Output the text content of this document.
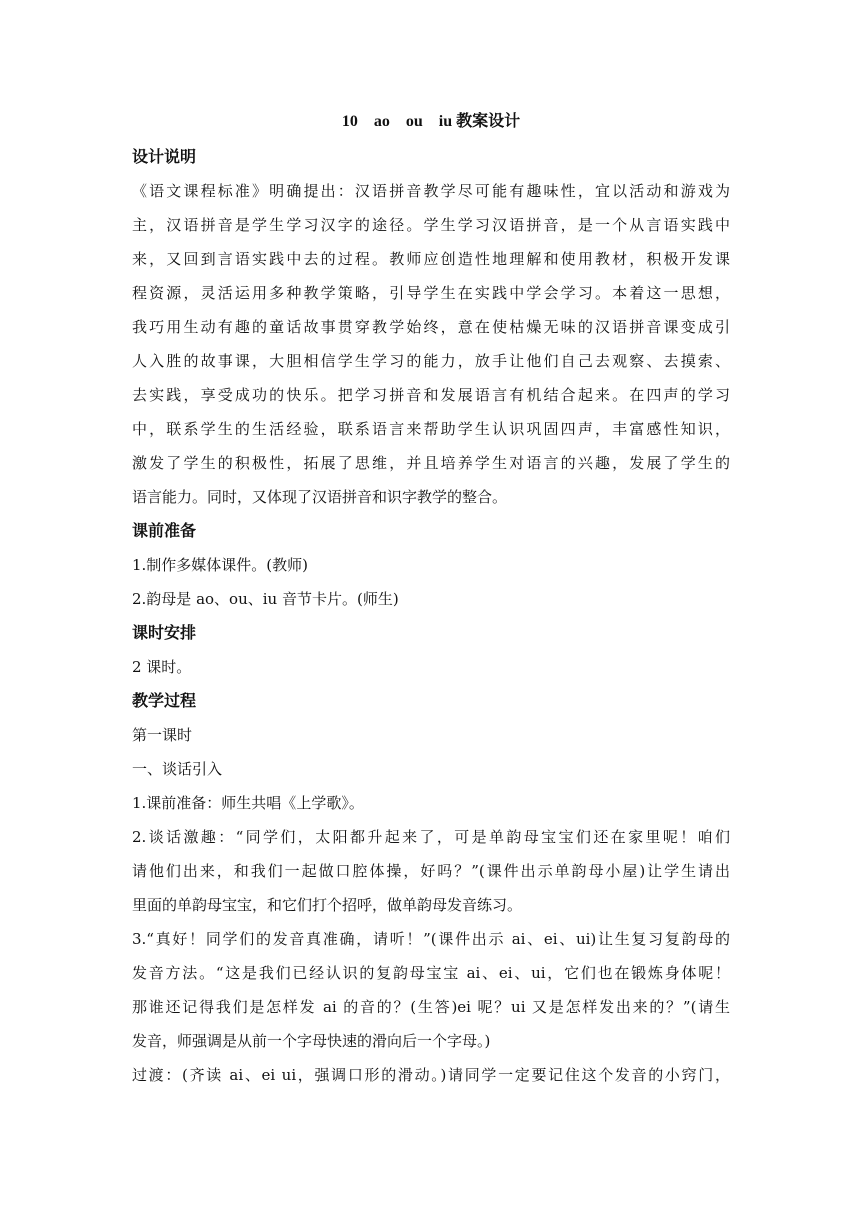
10　ao　ou　iu 教案设计
设计说明
《语文课程标准》明确提出：汉语拼音教学尽可能有趣味性，宜以活动和游戏为
主，汉语拼音是学生学习汉字的途径。学生学习汉语拼音，是一个从言语实践中
来，又回到言语实践中去的过程。教师应创造性地理解和使用教材，积极开发课
程资源，灵活运用多种教学策略，引导学生在实践中学会学习。本着这一思想，
我巧用生动有趣的童话故事贯穿教学始终，意在使枯燥无味的汉语拼音课变成引
人入胜的故事课，大胆相信学生学习的能力，放手让他们自己去观察、去摸索、
去实践，享受成功的快乐。把学习拼音和发展语言有机结合起来。在四声的学习
中，联系学生的生活经验，联系语言来帮助学生认识巩固四声，丰富感性知识，
激发了学生的积极性，拓展了思维，并且培养学生对语言的兴趣，发展了学生的
语言能力。同时，又体现了汉语拼音和识字教学的整合。
课前准备
1.制作多媒体课件。(教师)
2.韵母是 ao、ou、iu 音节卡片。(师生)
课时安排
2 课时。
教学过程
第一课时
一、谈话引入
1.课前准备：师生共唱《上学歌》。
2.谈话激趣：“同学们，太阳都升起来了，可是单韵母宝宝们还在家里呢！咱们
请他们出来，和我们一起做口腔体操，好吗？”(课件出示单韵母小屋)让学生请出
里面的单韵母宝宝，和它们打个招呼，做单韵母发音练习。
3.“真好！同学们的发音真准确，请听！”(课件出示 ai、ei、ui)让生复习复韵母的
发音方法。“这是我们已经认识的复韵母宝宝 ai、ei、ui，它们也在锻炼身体呢！
那谁还记得我们是怎样发 ai 的音的？(生答)ei 呢？ui 又是怎样发出来的？”(请生
发音，师强调是从前一个字母快速的滑向后一个字母。)
过渡：(齐读 ai、ei ui，强调口形的滑动。)请同学一定要记住这个发音的小窍门，
